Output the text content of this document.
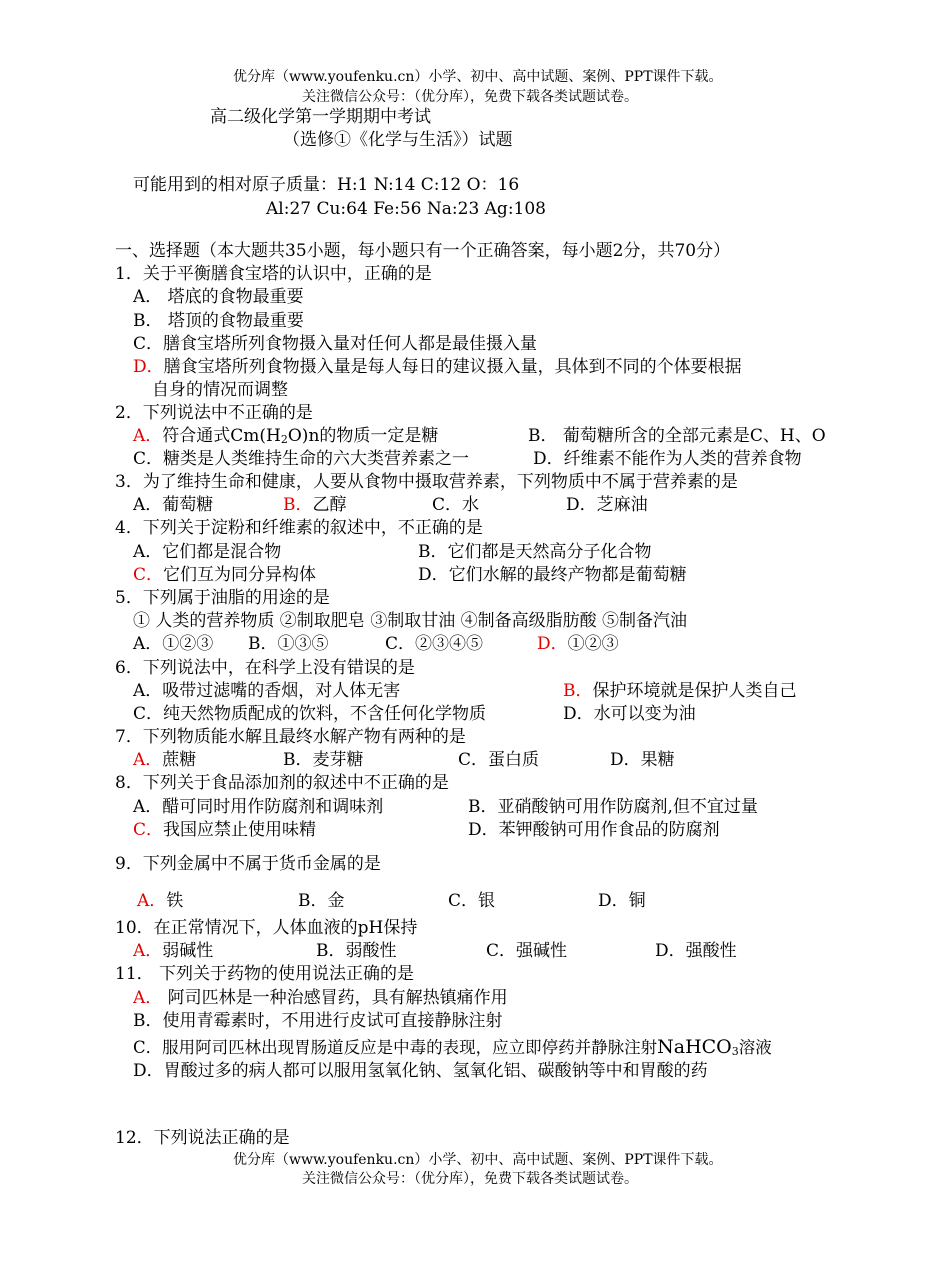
优分库（www.youfenku.cn）小学、初中、高中试题、案例、PPT课件下载。
关注微信公众号：（优分库），免费下载各类试题试卷。
高二级化学第一学期期中考试
（选修①《化学与生活》）试题
可能用到的相对原子质量：H:1 N:14 C:12 O：16
Al:27 Cu:64 Fe:56 Na:23 Ag:108
一、选择题（本大题共35小题，每小题只有一个正确答案，每小题2分，共70分）
1．关于平衡膳食宝塔的认识中，正确的是
A． 塔底的食物最重要
B． 塔顶的食物最重要
C．膳食宝塔所列食物摄入量对任何人都是最佳摄入量
D．膳食宝塔所列食物摄入量是每人每日的建议摄入量，具体到不同的个体要根据
自身的情况而调整
2．下列说法中不正确的是
A．符合通式Cm(H2O)n的物质一定是糖	B． 葡萄糖所含的全部元素是C、H、O
C．糖类是人类维持生命的六大类营养素之一	D．纤维素不能作为人类的营养食物
3．为了维持生命和健康，人要从食物中摄取营养素，下列物质中不属于营养素的是
A．葡萄糖	B．乙醇	C．水	D．芝麻油
4．下列关于淀粉和纤维素的叙述中，不正确的是
A．它们都是混合物	B．它们都是天然高分子化合物
C．它们互为同分异构体	D．它们水解的最终产物都是葡萄糖
5．下列属于油脂的用途的是
① 人类的营养物质 ②制取肥皂 ③制取甘油 ④制备高级脂肪酸 ⑤制备汽油
A．①②③ B．①③⑤	C．②③④⑤	D．①②③
6．下列说法中，在科学上没有错误的是
A．吸带过滤嘴的香烟，对人体无害	B．保护环境就是保护人类自己
C．纯天然物质配成的饮料，不含任何化学物质	D．水可以变为油
7．下列物质能水解且最终水解产物有两种的是
A．蔗糖	B．麦芽糖	C．蛋白质	D．果糖
8．下列关于食品添加剂的叙述中不正确的是
A．醋可同时用作防腐剂和调味剂	B．亚硝酸钠可用作防腐剂,但不宜过量
C．我国应禁止使用味精	D．苯钾酸钠可用作食品的防腐剂
9．下列金属中不属于货币金属的是
A．铁	B．金	C．银	D．铜
10．在正常情况下，人体血液的pH保持
A．弱碱性	B．弱酸性	C．强碱性	D．强酸性
11． 下列关于药物的使用说法正确的是
A． 阿司匹林是一种治感冒药，具有解热镇痛作用
B．使用青霉素时，不用进行皮试可直接静脉注射
C．服用阿司匹林出现胃肠道反应是中毒的表现，应立即停药并静脉注射NaHCO3溶液
D．胃酸过多的病人都可以服用氢氧化钠、氢氧化铝、碳酸钠等中和胃酸的药
12．下列说法正确的是
优分库（www.youfenku.cn）小学、初中、高中试题、案例、PPT课件下载。
关注微信公众号：（优分库），免费下载各类试题试卷。
